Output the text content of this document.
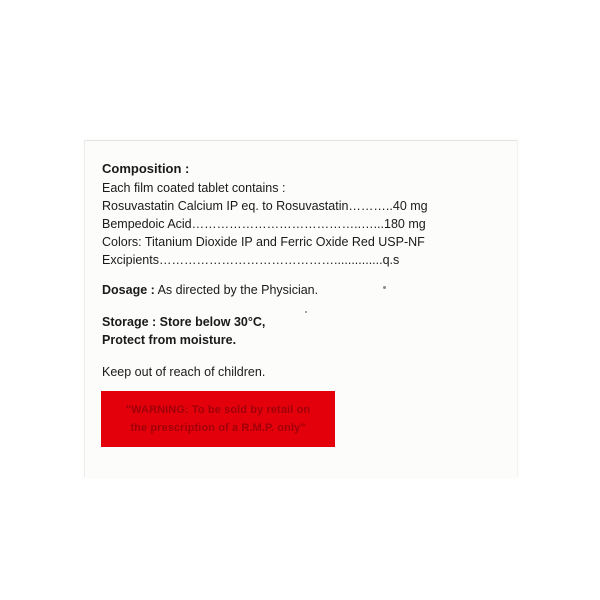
Composition :
Each film coated tablet contains :
Rosuvastatin Calcium IP eq. to Rosuvastatin………..40 mg
Bempedoic Acid…………………………………..…...180 mg
Colors: Titanium Dioxide IP and Ferric Oxide Red USP-NF
Excipients……………………………………..............q.s
Dosage : As directed by the Physician.
Storage : Store below 30°C,
Protect from moisture.
Keep out of reach of children.
"WARNING: To be sold by retail on
the prescription of a R.M.P. only"
